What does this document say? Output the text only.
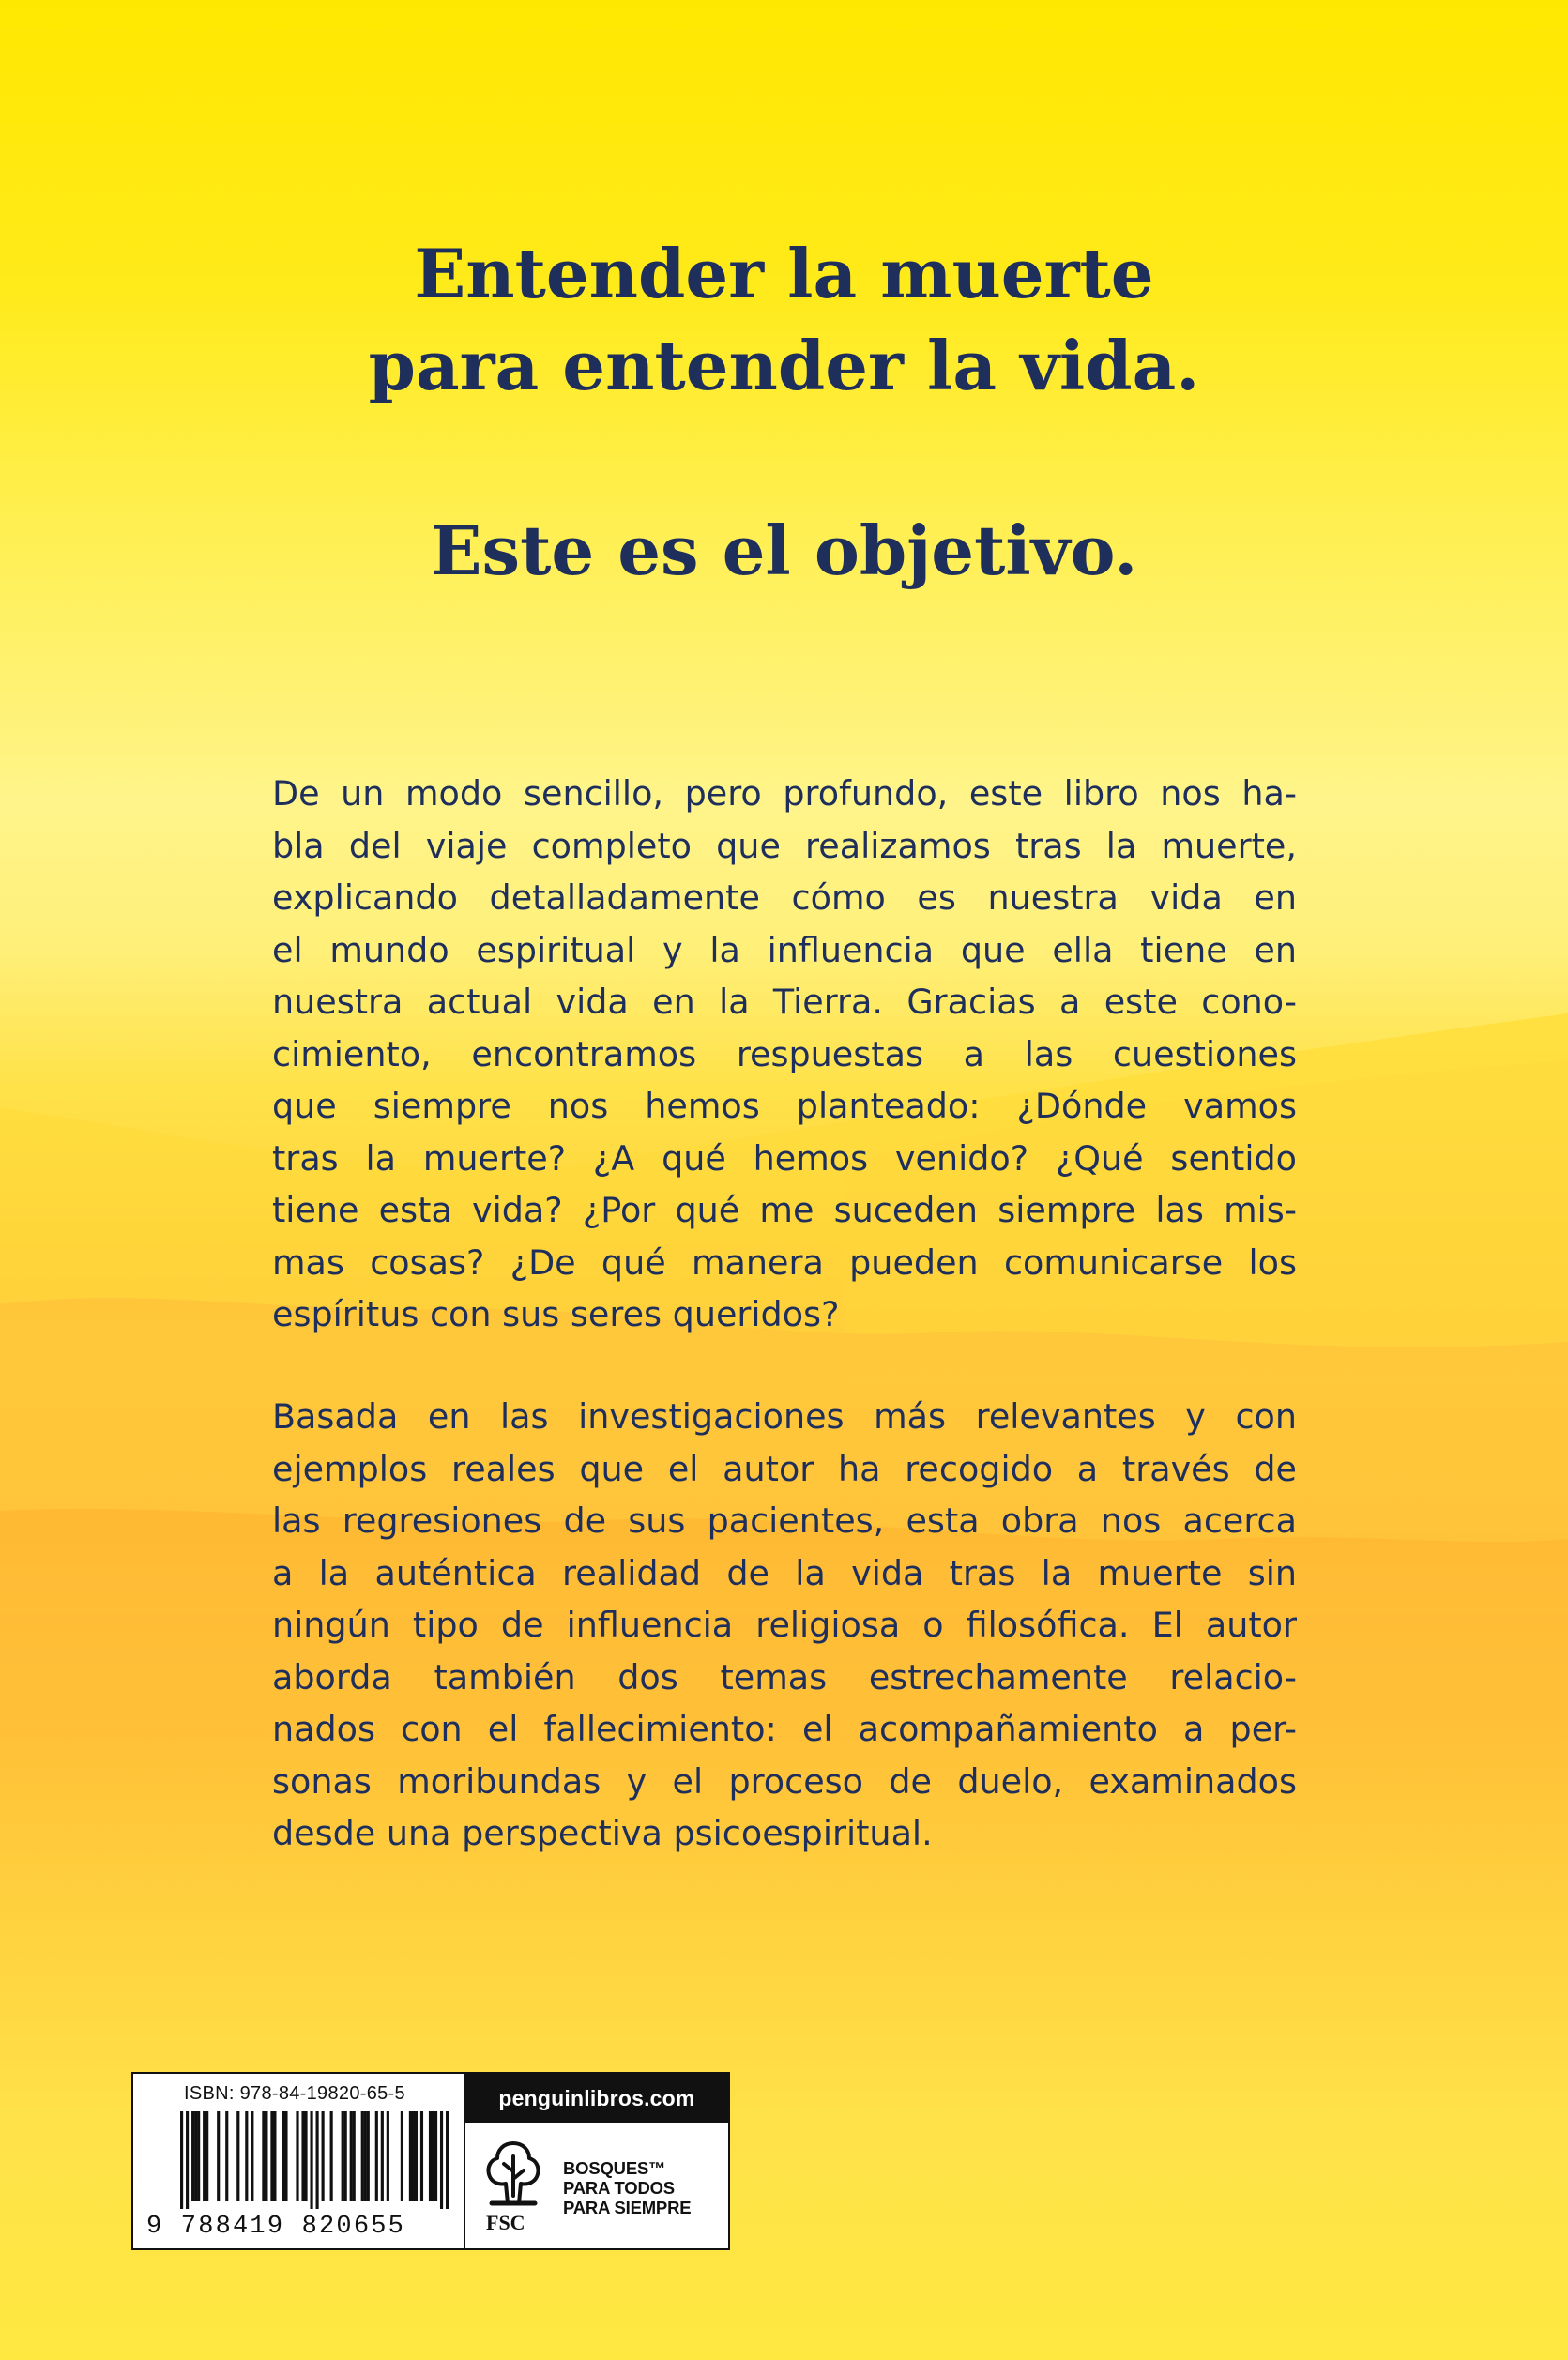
Entender la muerte
para entender la vida.
Este es el objetivo.

De un modo sencillo, pero profundo, este libro nos ha-
bla del viaje completo que realizamos tras la muerte,
explicando detalladamente cómo es nuestra vida en
el mundo espiritual y la influencia que ella tiene en
nuestra actual vida en la Tierra. Gracias a este cono-
cimiento, encontramos respuestas a las cuestiones
que siempre nos hemos planteado: ¿Dónde vamos
tras la muerte? ¿A qué hemos venido? ¿Qué sentido
tiene esta vida? ¿Por qué me suceden siempre las mis-
mas cosas? ¿De qué manera pueden comunicarse los
espíritus con sus seres queridos?

Basada en las investigaciones más relevantes y con
ejemplos reales que el autor ha recogido a través de
las regresiones de sus pacientes, esta obra nos acerca
a la auténtica realidad de la vida tras la muerte sin
ningún tipo de influencia religiosa o filosófica. El autor
aborda también dos temas estrechamente relacio-
nados con el fallecimiento: el acompañamiento a per-
sonas moribundas y el proceso de duelo, examinados
desde una perspectiva psicoespiritual.

ISBN: 978-84-19820-65-5
9 788419 820655
penguinlibros.com
FSC
BOSQUES™
PARA TODOS
PARA SIEMPRE
